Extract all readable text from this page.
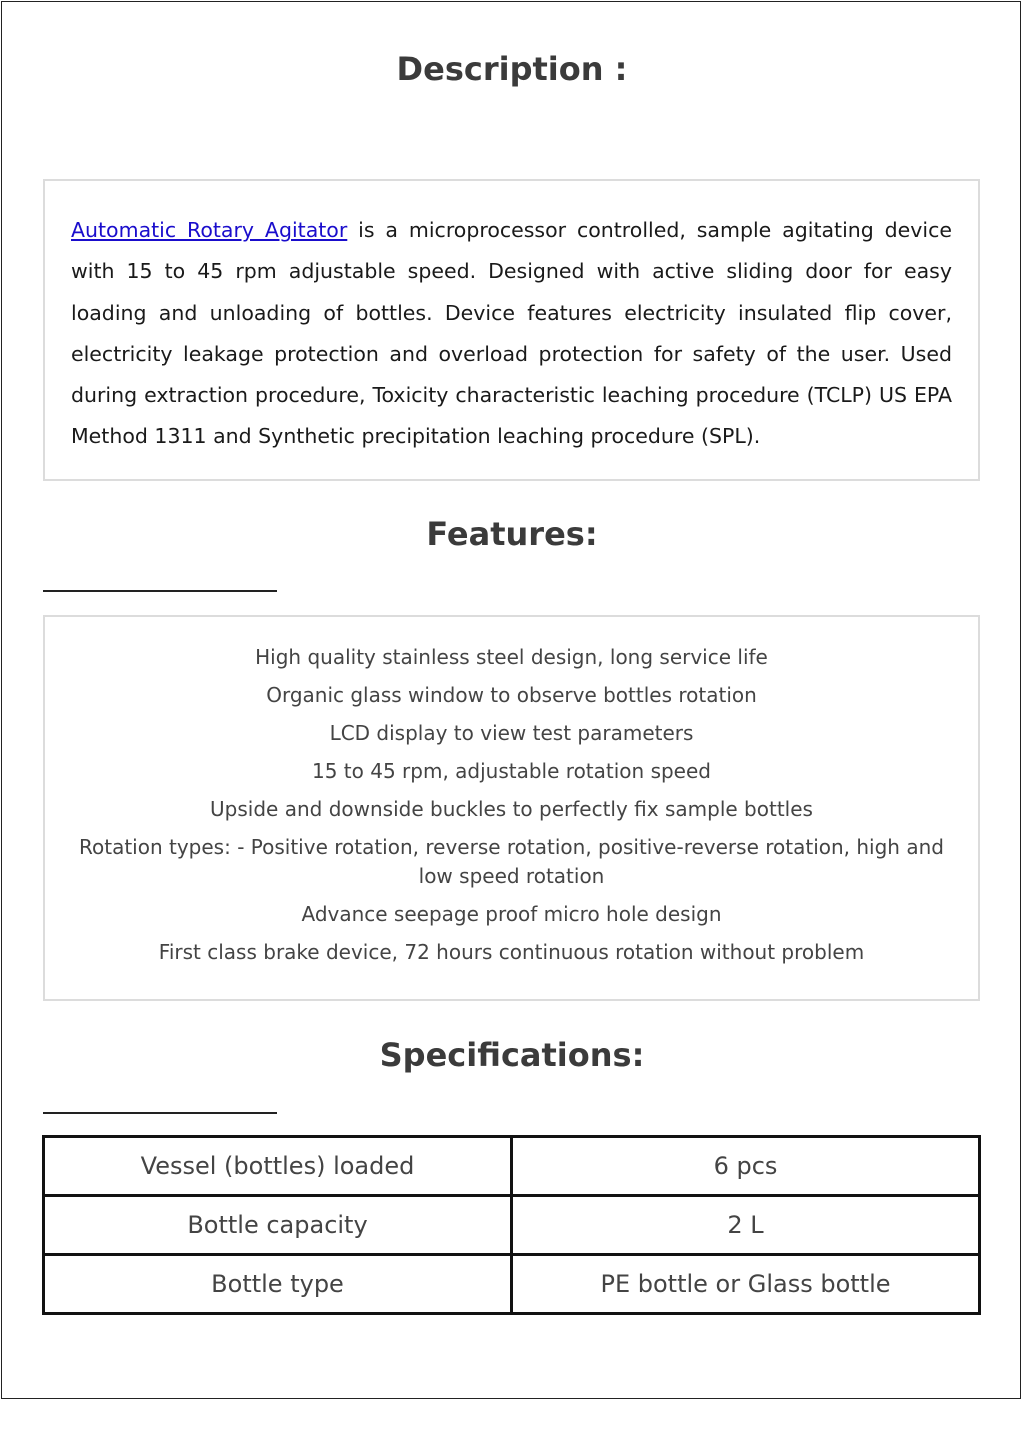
Description :

Automatic Rotary Agitator is a microprocessor controlled, sample agitating device with 15 to 45 rpm adjustable speed. Designed with active sliding door for easy loading and unloading of bottles. Device features electricity insulated flip cover, electricity leakage protection and overload protection for safety of the user. Used during extraction procedure, Toxicity characteristic leaching procedure (TCLP) US EPA Method 1311 and Synthetic precipitation leaching procedure (SPL).

Features:
High quality stainless steel design, long service life
Organic glass window to observe bottles rotation
LCD display to view test parameters
15 to 45 rpm, adjustable rotation speed
Upside and downside buckles to perfectly fix sample bottles
Rotation types: - Positive rotation, reverse rotation, positive-reverse rotation, high and low speed rotation
Advance seepage proof micro hole design
First class brake device, 72 hours continuous rotation without problem
Specifications:
Vessel (bottles) loaded	6 pcs
Bottle capacity	2 L
Bottle type	PE bottle or Glass bottle
